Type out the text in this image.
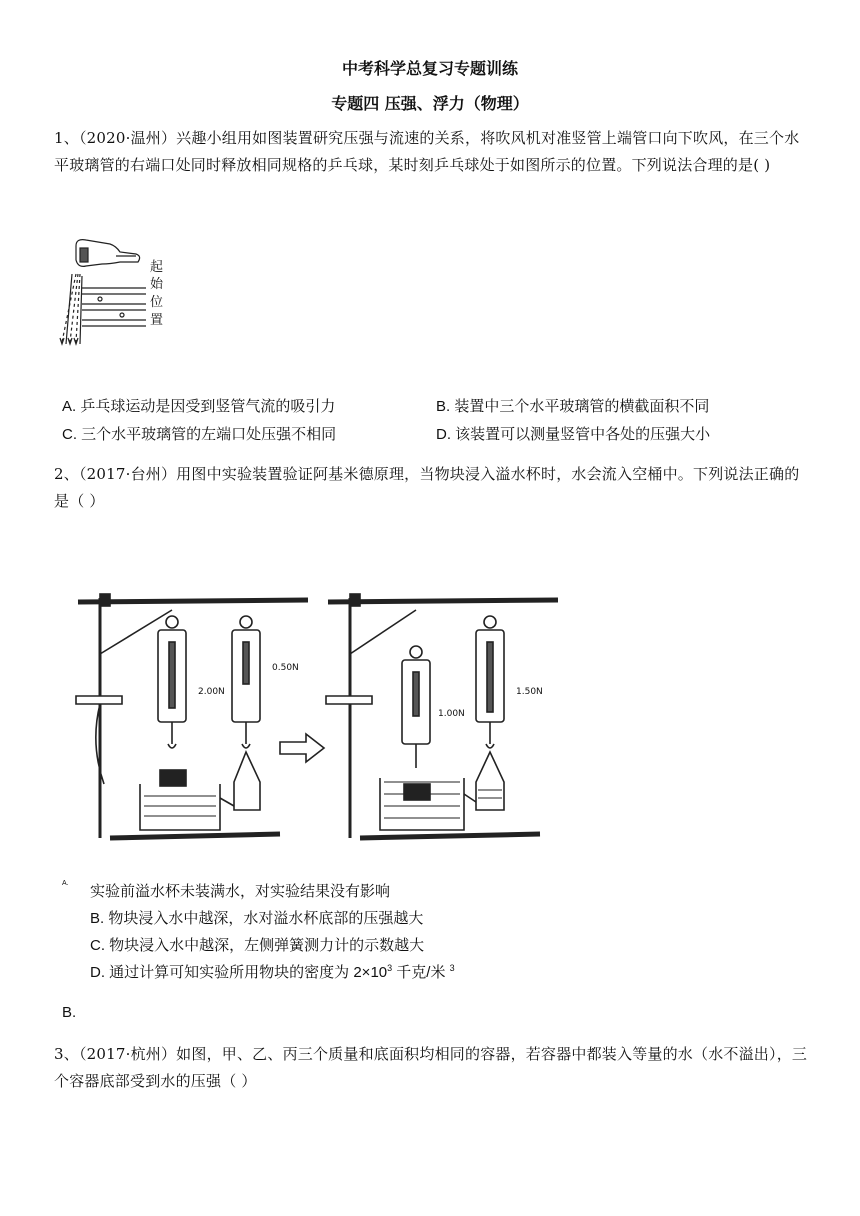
中考科学总复习专题训练
专题四 压强、浮力（物理）
1、（2020·温州）兴趣小组用如图装置研究压强与流速的关系，将吹风机对准竖管上端管口向下吹风，在三个水平玻璃管的右端口处同时释放相同规格的乒乓球，某时刻乒乓球处于如图所示的位置。下列说法合理的是( )
起
始
位
置
A. 乒乓球运动是因受到竖管气流的吸引力	B. 装置中三个水平玻璃管的横截面积不同
C. 三个水平玻璃管的左端口处压强不相同	D. 该装置可以测量竖管中各处的压强大小
2、（2017·台州）用图中实验装置验证阿基米德原理，当物块浸入溢水杯时，水会流入空桶中。下列说法正确的是（ ）
2.00N
0.50N
1.00N
1.50N
A. 实验前溢水杯未装满水，对实验结果没有影响
B. 物块浸入水中越深，水对溢水杯底部的压强越大
C. 物块浸入水中越深，左侧弹簧测力计的示数越大
D. 通过计算可知实验所用物块的密度为 $2\times 10^3$ 千克/米 $^3$
B.
3、（2017·杭州）如图，甲、乙、丙三个质量和底面积均相同的容器，若容器中都装入等量的水（水不溢出），三个容器底部受到水的压强（ ）
